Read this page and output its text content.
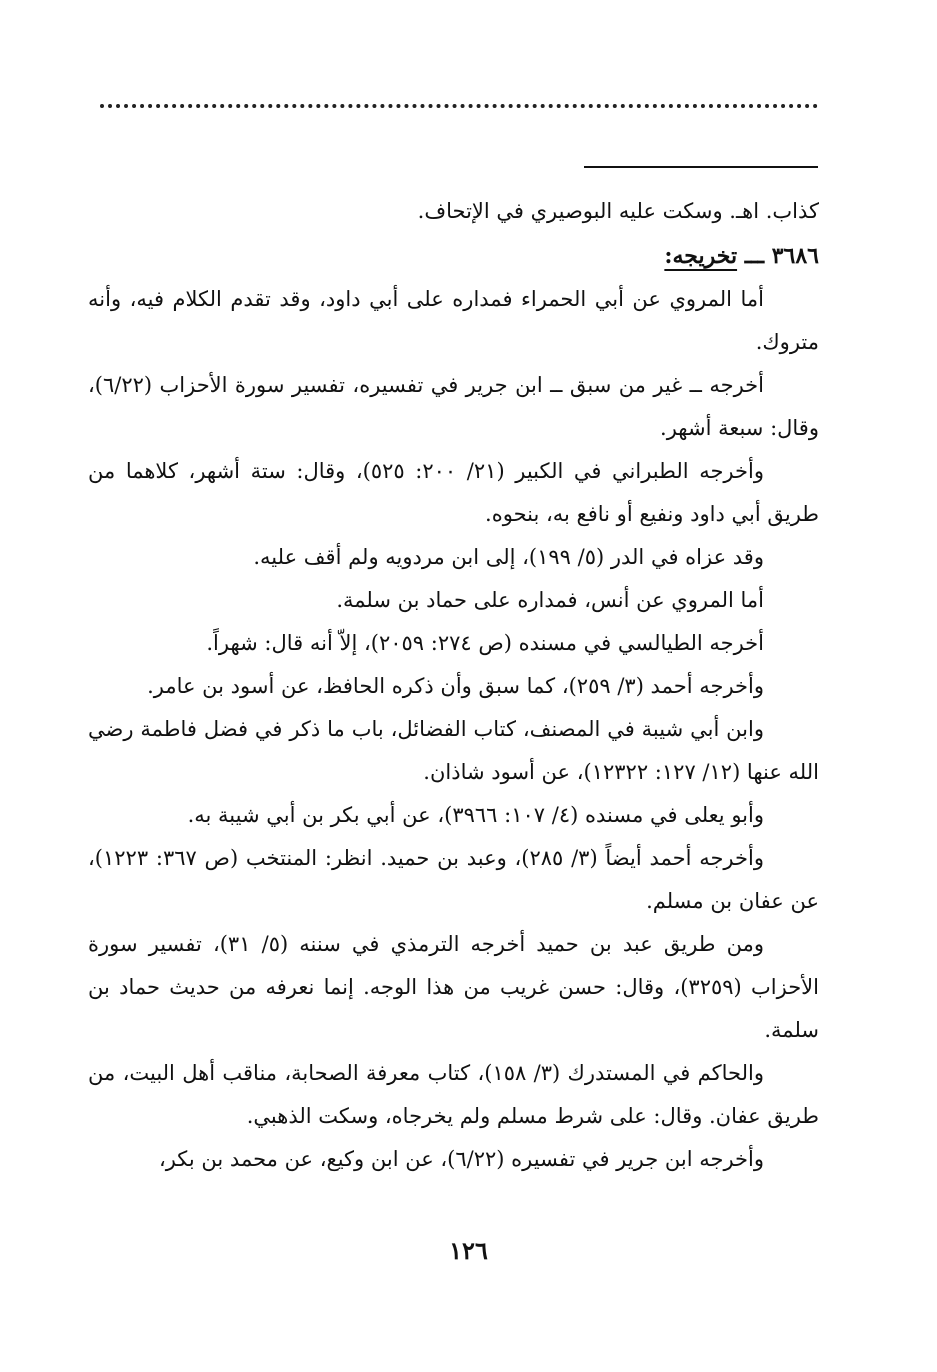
كذاب. اهـ. وسكت عليه البوصيري في الإتحاف.

٣٦٨٦ ـــ تخريجه:

أما المروي عن أبي الحمراء فمداره على أبي داود، وقد تقدم الكلام فيه، وأنه متروك.

أخرجه ــ غير من سبق ــ ابن جرير في تفسيره، تفسير سورة الأحزاب (٦/٢٢)، وقال: سبعة أشهر.

وأخرجه الطبراني في الكبير (٢١/ ٢٠٠: ٥٢٥)، وقال: ستة أشهر، كلاهما من طريق أبي داود ونفيع أو نافع به، بنحوه.

وقد عزاه في الدر (٥/ ١٩٩)، إلى ابن مردويه ولم أقف عليه.

أما المروي عن أنس، فمداره على حماد بن سلمة.

أخرجه الطيالسي في مسنده (ص ٢٧٤: ٢٠٥٩)، إلاّ أنه قال: شهراً.

وأخرجه أحمد (٣/ ٢٥٩)، كما سبق وأن ذكره الحافظ، عن أسود بن عامر.

وابن أبي شيبة في المصنف، كتاب الفضائل، باب ما ذكر في فضل فاطمة رضي الله عنها (١٢/ ١٢٧: ١٢٣٢٢)، عن أسود شاذان.

وأبو يعلى في مسنده (٤/ ١٠٧: ٣٩٦٦)، عن أبي بكر بن أبي شيبة به.

وأخرجه أحمد أيضاً (٣/ ٢٨٥)، وعبد بن حميد. انظر: المنتخب (ص ٣٦٧: ١٢٢٣)، عن عفان بن مسلم.

ومن طريق عبد بن حميد أخرجه الترمذي في سننه (٥/ ٣١)، تفسير سورة الأحزاب (٣٢٥٩)، وقال: حسن غريب من هذا الوجه. إنما نعرفه من حديث حماد بن سلمة.

والحاكم في المستدرك (٣/ ١٥٨)، كتاب معرفة الصحابة، مناقب أهل البيت، من طريق عفان. وقال: على شرط مسلم ولم يخرجاه، وسكت الذهبي.

وأخرجه ابن جرير في تفسيره (٦/٢٢)، عن ابن وكيع، عن محمد بن بكر،

١٢٦
